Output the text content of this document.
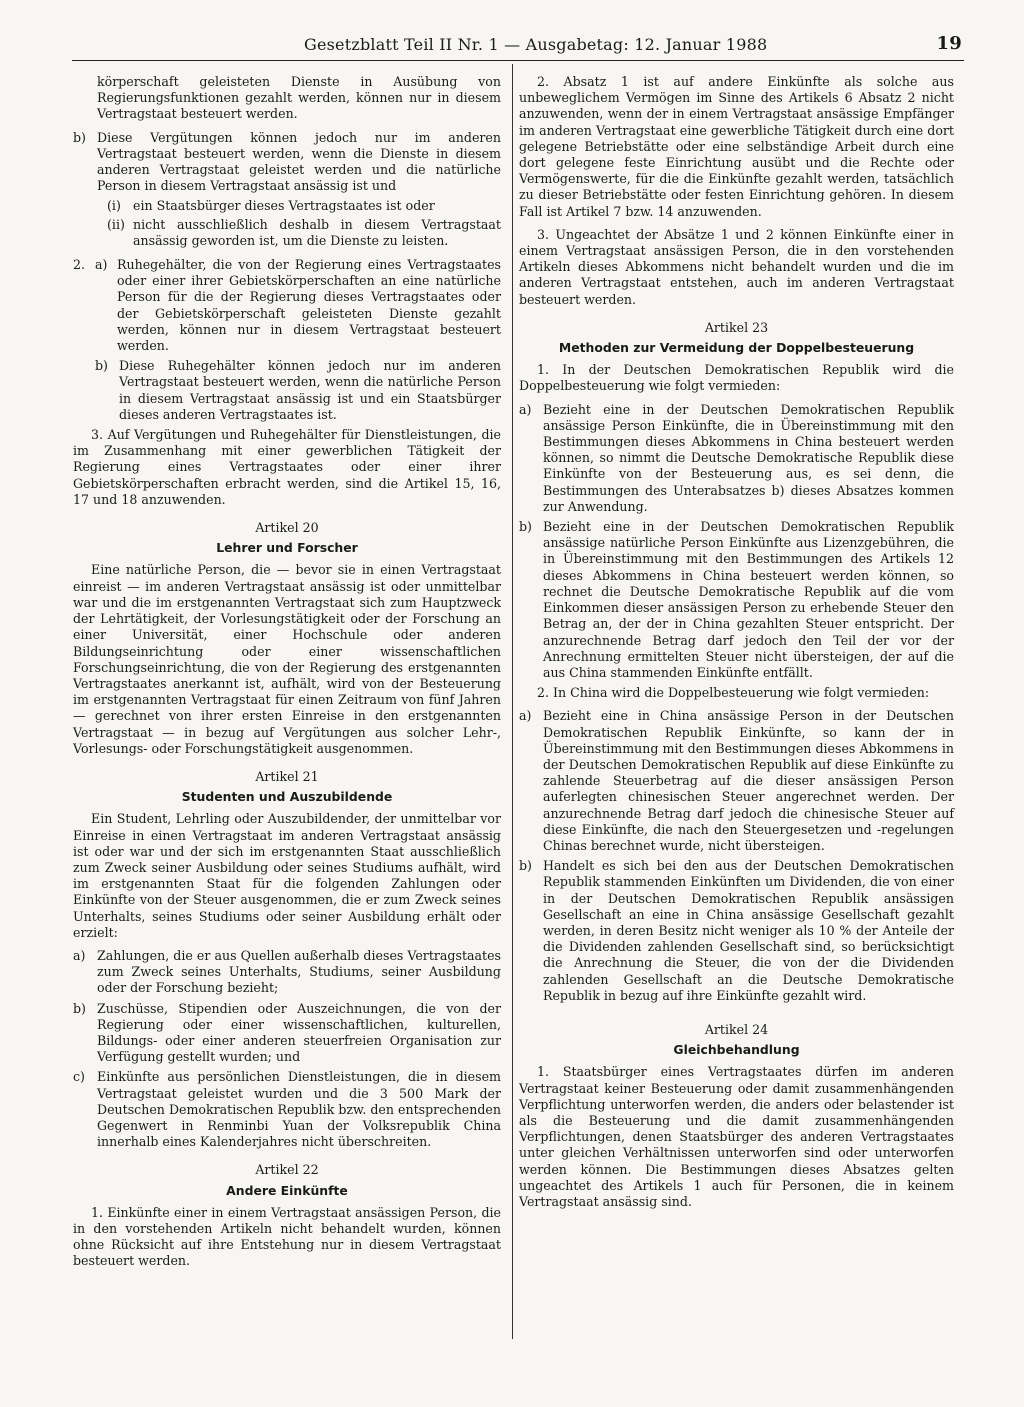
Gesetzblatt Teil II Nr. 1 — Ausgabetag: 12. Januar 1988	19

körperschaft geleisteten Dienste in Ausübung von Regierungsfunktionen gezahlt werden, können nur in diesem Vertragstaat besteuert werden.

b) Diese Vergütungen können jedoch nur im anderen Vertragstaat besteuert werden, wenn die Dienste in diesem anderen Vertragstaat geleistet werden und die natürliche Person in diesem Vertragstaat ansässig ist und
(i) ein Staatsbürger dieses Vertragstaates ist oder
(ii) nicht ausschließlich deshalb in diesem Vertragstaat ansässig geworden ist, um die Dienste zu leisten.
2. a) Ruhegehälter, die von der Regierung eines Vertragstaates oder einer ihrer Gebietskörperschaften an eine natürliche Person für die der Regierung dieses Vertragstaates oder der Gebietskörperschaft geleisteten Dienste gezahlt werden, können nur in diesem Vertragstaat besteuert werden.
b) Diese Ruhegehälter können jedoch nur im anderen Vertragstaat besteuert werden, wenn die natürliche Person in diesem Vertragstaat ansässig ist und ein Staatsbürger dieses anderen Vertragstaates ist.

3. Auf Vergütungen und Ruhegehälter für Dienstleistungen, die im Zusammenhang mit einer gewerblichen Tätigkeit der Regierung eines Vertragstaates oder einer ihrer Gebietskörperschaften erbracht werden, sind die Artikel 15, 16, 17 und 18 anzuwenden.

Artikel 20
Lehrer und Forscher

Eine natürliche Person, die — bevor sie in einen Vertragstaat einreist — im anderen Vertragstaat ansässig ist oder unmittelbar war und die im erstgenannten Vertragstaat sich zum Hauptzweck der Lehrtätigkeit, der Vorlesungstätigkeit oder der Forschung an einer Universität, einer Hochschule oder anderen Bildungseinrichtung oder einer wissenschaftlichen Forschungseinrichtung, die von der Regierung des erstgenannten Vertragstaates anerkannt ist, aufhält, wird von der Besteuerung im erstgenannten Vertragstaat für einen Zeitraum von fünf Jahren — gerechnet von ihrer ersten Einreise in den erstgenannten Vertragstaat — in bezug auf Vergütungen aus solcher Lehr-, Vorlesungs- oder Forschungstätigkeit ausgenommen.

Artikel 21
Studenten und Auszubildende

Ein Student, Lehrling oder Auszubildender, der unmittelbar vor Einreise in einen Vertragstaat im anderen Vertragstaat ansässig ist oder war und der sich im erstgenannten Staat ausschließlich zum Zweck seiner Ausbildung oder seines Studiums aufhält, wird im erstgenannten Staat für die folgenden Zahlungen oder Einkünfte von der Steuer ausgenommen, die er zum Zweck seines Unterhalts, seines Studiums oder seiner Ausbildung erhält oder erzielt:

a) Zahlungen, die er aus Quellen außerhalb dieses Vertragstaates zum Zweck seines Unterhalts, Studiums, seiner Ausbildung oder der Forschung bezieht;
b) Zuschüsse, Stipendien oder Auszeichnungen, die von der Regierung oder einer wissenschaftlichen, kulturellen, Bildungs- oder einer anderen steuerfreien Organisation zur Verfügung gestellt wurden; und
c) Einkünfte aus persönlichen Dienstleistungen, die in diesem Vertragstaat geleistet wurden und die 3 500 Mark der Deutschen Demokratischen Republik bzw. den entsprechenden Gegenwert in Renminbi Yuan der Volksrepublik China innerhalb eines Kalenderjahres nicht überschreiten.
Artikel 22
Andere Einkünfte

1. Einkünfte einer in einem Vertragstaat ansässigen Person, die in den vorstehenden Artikeln nicht behandelt wurden, können ohne Rücksicht auf ihre Entstehung nur in diesem Vertragstaat besteuert werden.

2. Absatz 1 ist auf andere Einkünfte als solche aus unbeweglichem Vermögen im Sinne des Artikels 6 Absatz 2 nicht anzuwenden, wenn der in einem Vertragstaat ansässige Empfänger im anderen Vertragstaat eine gewerbliche Tätigkeit durch eine dort gelegene Betriebstätte oder eine selbständige Arbeit durch eine dort gelegene feste Einrichtung ausübt und die Rechte oder Vermögenswerte, für die die Einkünfte gezahlt werden, tatsächlich zu dieser Betriebstätte oder festen Einrichtung gehören. In diesem Fall ist Artikel 7 bzw. 14 anzuwenden.

3. Ungeachtet der Absätze 1 und 2 können Einkünfte einer in einem Vertragstaat ansässigen Person, die in den vorstehenden Artikeln dieses Abkommens nicht behandelt wurden und die im anderen Vertragstaat entstehen, auch im anderen Vertragstaat besteuert werden.

Artikel 23
Methoden zur Vermeidung der Doppelbesteuerung

1. In der Deutschen Demokratischen Republik wird die Doppelbesteuerung wie folgt vermieden:

a) Bezieht eine in der Deutschen Demokratischen Republik ansässige Person Einkünfte, die in Übereinstimmung mit den Bestimmungen dieses Abkommens in China besteuert werden können, so nimmt die Deutsche Demokratische Republik diese Einkünfte von der Besteuerung aus, es sei denn, die Bestimmungen des Unterabsatzes b) dieses Absatzes kommen zur Anwendung.
b) Bezieht eine in der Deutschen Demokratischen Republik ansässige natürliche Person Einkünfte aus Lizenzgebühren, die in Übereinstimmung mit den Bestimmungen des Artikels 12 dieses Abkommens in China besteuert werden können, so rechnet die Deutsche Demokratische Republik auf die vom Einkommen dieser ansässigen Person zu erhebende Steuer den Betrag an, der der in China gezahlten Steuer entspricht. Der anzurechnende Betrag darf jedoch den Teil der vor der Anrechnung ermittelten Steuer nicht übersteigen, der auf die aus China stammenden Einkünfte entfällt.

2. In China wird die Doppelbesteuerung wie folgt vermieden:

a) Bezieht eine in China ansässige Person in der Deutschen Demokratischen Republik Einkünfte, so kann der in Übereinstimmung mit den Bestimmungen dieses Abkommens in der Deutschen Demokratischen Republik auf diese Einkünfte zu zahlende Steuerbetrag auf die dieser ansässigen Person auferlegten chinesischen Steuer angerechnet werden. Der anzurechnende Betrag darf jedoch die chinesische Steuer auf diese Einkünfte, die nach den Steuergesetzen und -regelungen Chinas berechnet wurde, nicht übersteigen.
b) Handelt es sich bei den aus der Deutschen Demokratischen Republik stammenden Einkünften um Dividenden, die von einer in der Deutschen Demokratischen Republik ansässigen Gesellschaft an eine in China ansässige Gesellschaft gezahlt werden, in deren Besitz nicht weniger als 10 % der Anteile der die Dividenden zahlenden Gesellschaft sind, so berücksichtigt die Anrechnung die Steuer, die von der die Dividenden zahlenden Gesellschaft an die Deutsche Demokratische Republik in bezug auf ihre Einkünfte gezahlt wird.
Artikel 24
Gleichbehandlung

1. Staatsbürger eines Vertragstaates dürfen im anderen Vertragstaat keiner Besteuerung oder damit zusammenhängenden Verpflichtung unterworfen werden, die anders oder belastender ist als die Besteuerung und die damit zusammenhängenden Verpflichtungen, denen Staatsbürger des anderen Vertragstaates unter gleichen Verhältnissen unterworfen sind oder unterworfen werden können. Die Bestimmungen dieses Absatzes gelten ungeachtet des Artikels 1 auch für Personen, die in keinem Vertragstaat ansässig sind.
